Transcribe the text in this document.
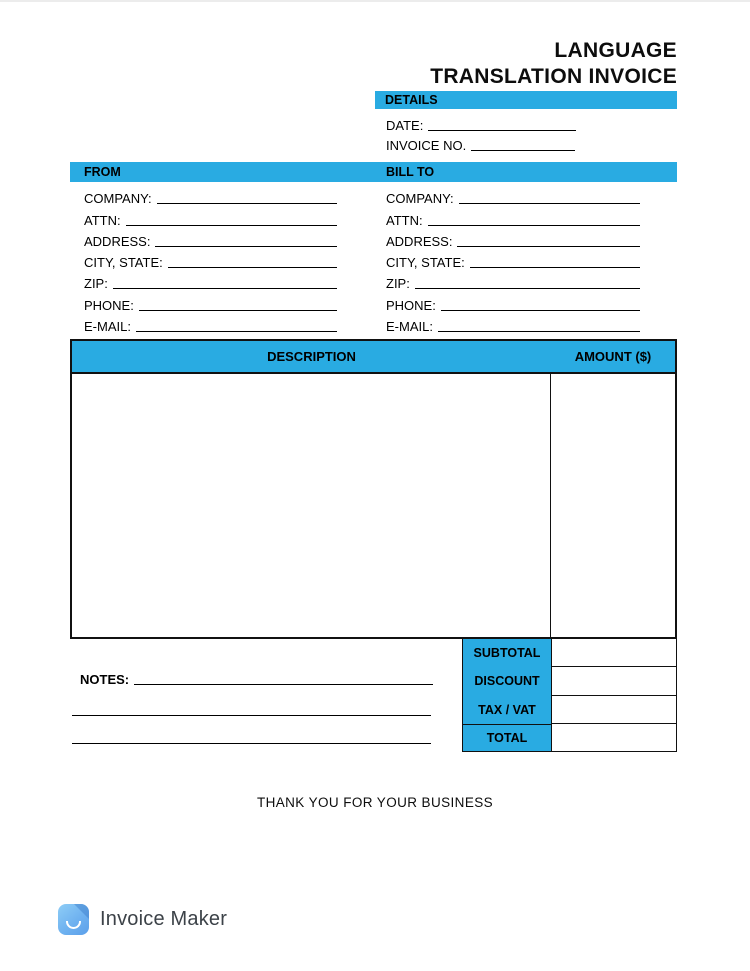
LANGUAGE
TRANSLATION INVOICE
DETAILS
DATE:
INVOICE NO.
FROM	BILL TO
COMPANY:
ATTN:
ADDRESS:
CITY, STATE:
ZIP:
PHONE:
E-MAIL:
COMPANY:
ATTN:
ADDRESS:
CITY, STATE:
ZIP:
PHONE:
E-MAIL:
DESCRIPTION	AMOUNT ($)
SUBTOTAL
DISCOUNT
TAX / VAT
TOTAL
NOTES:
THANK YOU FOR YOUR BUSINESS
Invoice Maker
